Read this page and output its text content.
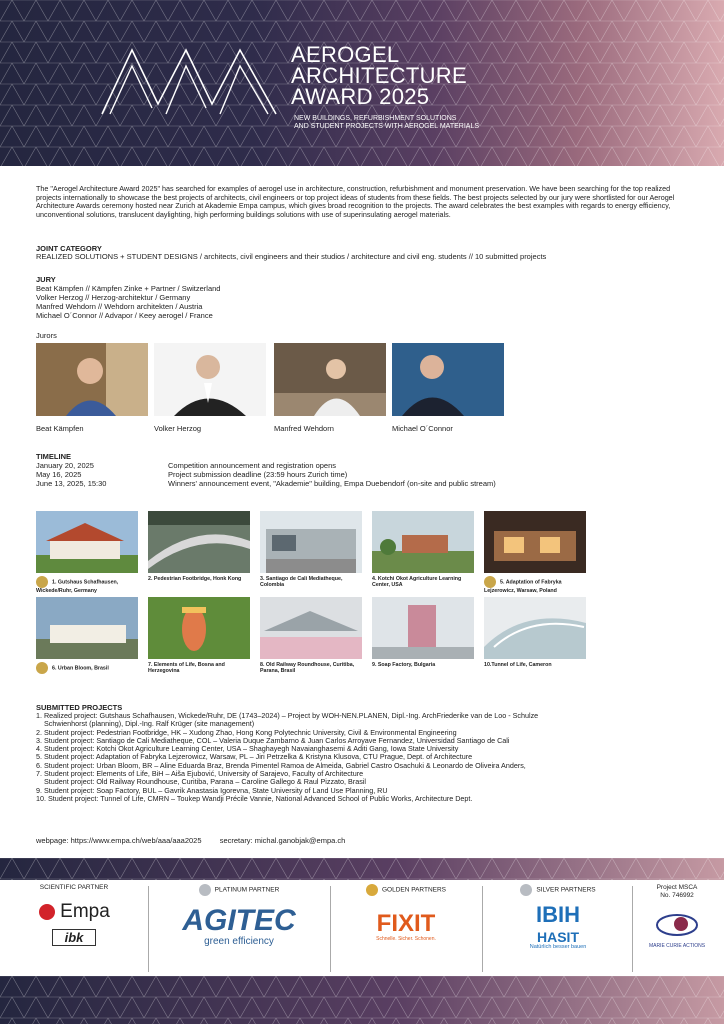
AEROGEL
ARCHITECTURE
AWARD 2025
NEW BUILDINGS, REFURBISHMENT SOLUTIONS
AND STUDENT PROJECTS WITH AEROGEL MATERIALS
The "Aerogel Architecture Award 2025" has searched for examples of aerogel use in architecture, construction, refurbishment and monument preservation. We have been searching for the top realized projects internationally to showcase the best projects of architects, civil engineers or top project ideas of students from these fields. The best projects selected by our jury were shortlisted for our Aerogel Architecture Awards ceremony hosted near Zurich at Akademie Empa campus, which gives broad recognition to the projects. The award celebrates the best examples with regards to energy efficiency, unconventional solutions, translucent daylighting, high performing buildings solutions with use of superinsulating aerogel materials.
JOINT CATEGORY
REALIZED SOLUTIONS + STUDENT DESIGNS / architects, civil engineers and their studios / architecture and civil eng. students // 10 submitted projects
JURY
Beat Kämpfen // Kämpfen Zinke + Partner / Switzerland
Volker Herzog // Herzog-architektur / Germany
Manfred Wehdorn // Wehdorn architekten / Austria
Michael O´Connor // Advapor / Keey aerogel / France
Jurors
Beat Kämpfen	Volker Herzog	Manfred Wehdorn	Michael O´Connor
TIMELINE
January 20, 2025	Competition announcement and registration opens
May 16, 2025	Project submission deadline (23:59 hours Zurich time)
June 13, 2025, 15:30	Winners' announcement event, "Akademie" building, Empa Duebendorf (on-site and public stream)
1. Gutshaus Schafhausen, Wickede/Ruhr, Germany
2. Pedestrian Footbridge, Honk Kong	3. Santiago de Cali Mediatheque, Colombia
4. Kotchi Okot Agriculture Learning Center, USA	5. Adaptation of Fabryka Lejzerowicz, Warsaw, Poland
6. Urban Bloom, Brasil
7. Elements of Life, Bosna and Herzegovina
8. Old Railway Roundhouse, Curitiba, Parana, Brasil
9. Soap Factory, Bulgaria	10.Tunnel of Life, Cameron
SUBMITTED PROJECTS
1. Realized project: Gutshaus Schafhausen, Wickede/Ruhr, DE (1743–2024) – Project by WOH-NEN.PLANEN, Dipl.-Ing. ArchFriederike van de Loo - Schulze
Schwienhorst (planning), Dipl.-Ing. Ralf Krüger (site management)
2. Student project: Pedestrian Footbridge, HK – Xudong Zhao, Hong Kong Polytechnic University, Civil & Environmental Engineering
3. Student project: Santiago de Cali Mediatheque, COL – Valeria Duque Zambarno & Juan Carlos Arroyave Fernandez, Universidad Santiago de Cali
4. Student project: Kotchi Okot Agriculture Learning Center, USA – Shaghayegh Navaianghasemi & Aditi Gang, Iowa State University
5. Student project: Adaptation of Fabryka Lejzerowicz, Warsaw, PL – Jiri Petrzelka & Kristyna Klusova, CTU Prague, Dept. of Architecture
6. Student project: Urban Bloom, BR – Aline Eduarda Braz, Brenda Pimentel Ramoa de Almeida, Gabriel Castro Osachuki & Leonardo de Oliveira Anders,
7. Student project: Elements of Life, BiH – Aiša Ejubović, University of Sarajevo, Faculty of Architecture
Student project: Old Railway Roundhouse, Curitiba, Parana – Caroline Gallego & Raul Pizzato, Brasil
9. Student project: Soap Factory, BUL – Gavrik Anastasia Igorevna, State University of Land Use Planning, RU
10. Student project: Tunnel of Life, CMRN – Toukep Wandji Précile Vannie, National Advanced School of Public Works, Architecture Dept.
webpage: https://www.empa.ch/web/aaa/aaa2025 secretary: michal.ganobjak@empa.ch
SCIENTIFIC PARTNER
Empa
ibk
PLATINUM PARTNER
AGITEC
green efficiency
GOLDEN PARTNERS
FIXIT
Schnelle. Sicher. Schonen.
SILVER PARTNERS
IBIH
HASIT
Natürlich besser bauen
Project MSCA
No. 746992
MARIE CURIE ACTIONS
